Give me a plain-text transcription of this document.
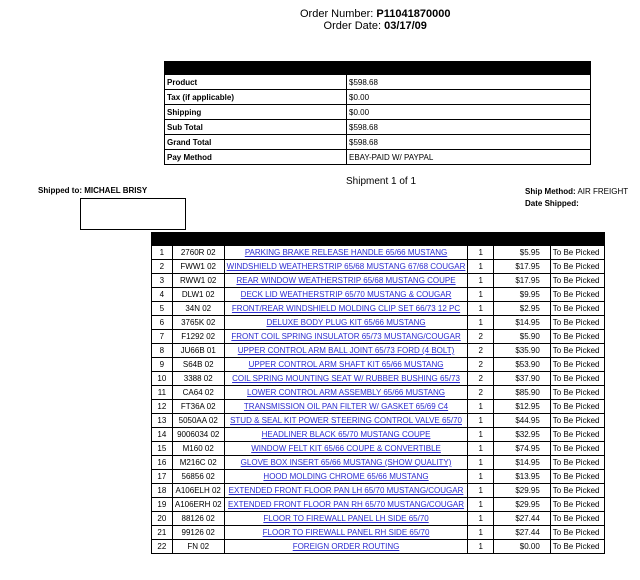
Order Number: P11041870000
Order Date: 03/17/09

Product	$598.68
Tax (if applicable)	$0.00
Shipping	$0.00
Sub Total	$598.68
Grand Total	$598.68
Pay Method	EBAY-PAID W/ PAYPAL
Shipment 1 of 1
Shipped to: MICHAEL BRISY	Ship Method: AIR FREIGHT
Date Shipped:

1	2760R 02	PARKING BRAKE RELEASE HANDLE 65/66 MUSTANG	1	$5.95	To Be Picked
2	FWW1 02	WINDSHIELD WEATHERSTRIP 65/68 MUSTANG 67/68 COUGAR	1	$17.95	To Be Picked
3	RWW1 02	REAR WINDOW WEATHERSTRIP 65/68 MUSTANG COUPE	1	$17.95	To Be Picked
4	DLW1 02	DECK LID WEATHERSTRIP 65/70 MUSTANG & COUGAR	1	$9.95	To Be Picked
5	34N 02	FRONT/REAR WINDSHIELD MOLDING CLIP SET 66/73 12 PC	1	$2.95	To Be Picked
6	3765K 02	DELUXE BODY PLUG KIT 65/66 MUSTANG	1	$14.95	To Be Picked
7	F1292 02	FRONT COIL SPRING INSULATOR 65/73 MUSTANG/COUGAR	2	$5.90	To Be Picked
8	JU66B 01	UPPER CONTROL ARM BALL JOINT 65/73 FORD (4 BOLT)	2	$35.90	To Be Picked
9	S64B 02	UPPER CONTROL ARM SHAFT KIT 65/66 MUSTANG	2	$53.90	To Be Picked
10	3388 02	COIL SPRING MOUNTING SEAT W/ RUBBER BUSHING 65/73	2	$37.90	To Be Picked
11	CA64 02	LOWER CONTROL ARM ASSEMBLY 65/66 MUSTANG	2	$85.90	To Be Picked
12	FT36A 02	TRANSMISSION OIL PAN FILTER W/ GASKET 65/69 C4	1	$12.95	To Be Picked
13	5050AA 02	STUD & SEAL KIT POWER STEERING CONTROL VALVE 65/70	1	$44.95	To Be Picked
14	9006034 02	HEADLINER BLACK 65/70 MUSTANG COUPE	1	$32.95	To Be Picked
15	M160 02	WINDOW FELT KIT 65/66 COUPE & CONVERTIBLE	1	$74.95	To Be Picked
16	M216C 02	GLOVE BOX INSERT 65/66 MUSTANG (SHOW QUALITY)	1	$14.95	To Be Picked
17	56856 02	HOOD MOLDING CHROME 65/66 MUSTANG	1	$13.95	To Be Picked
18	A106ELH 02	EXTENDED FRONT FLOOR PAN LH 65/70 MUSTANG/COUGAR	1	$29.95	To Be Picked
19	A106ERH 02	EXTENDED FRONT FLOOR PAN RH 65/70 MUSTANG/COUGAR	1	$29.95	To Be Picked
20	88126 02	FLOOR TO FIREWALL PANEL LH SIDE 65/70	1	$27.44	To Be Picked
21	99126 02	FLOOR TO FIREWALL PANEL RH SIDE 65/70	1	$27.44	To Be Picked
22	FN 02	FOREIGN ORDER ROUTING	1	$0.00	To Be Picked
